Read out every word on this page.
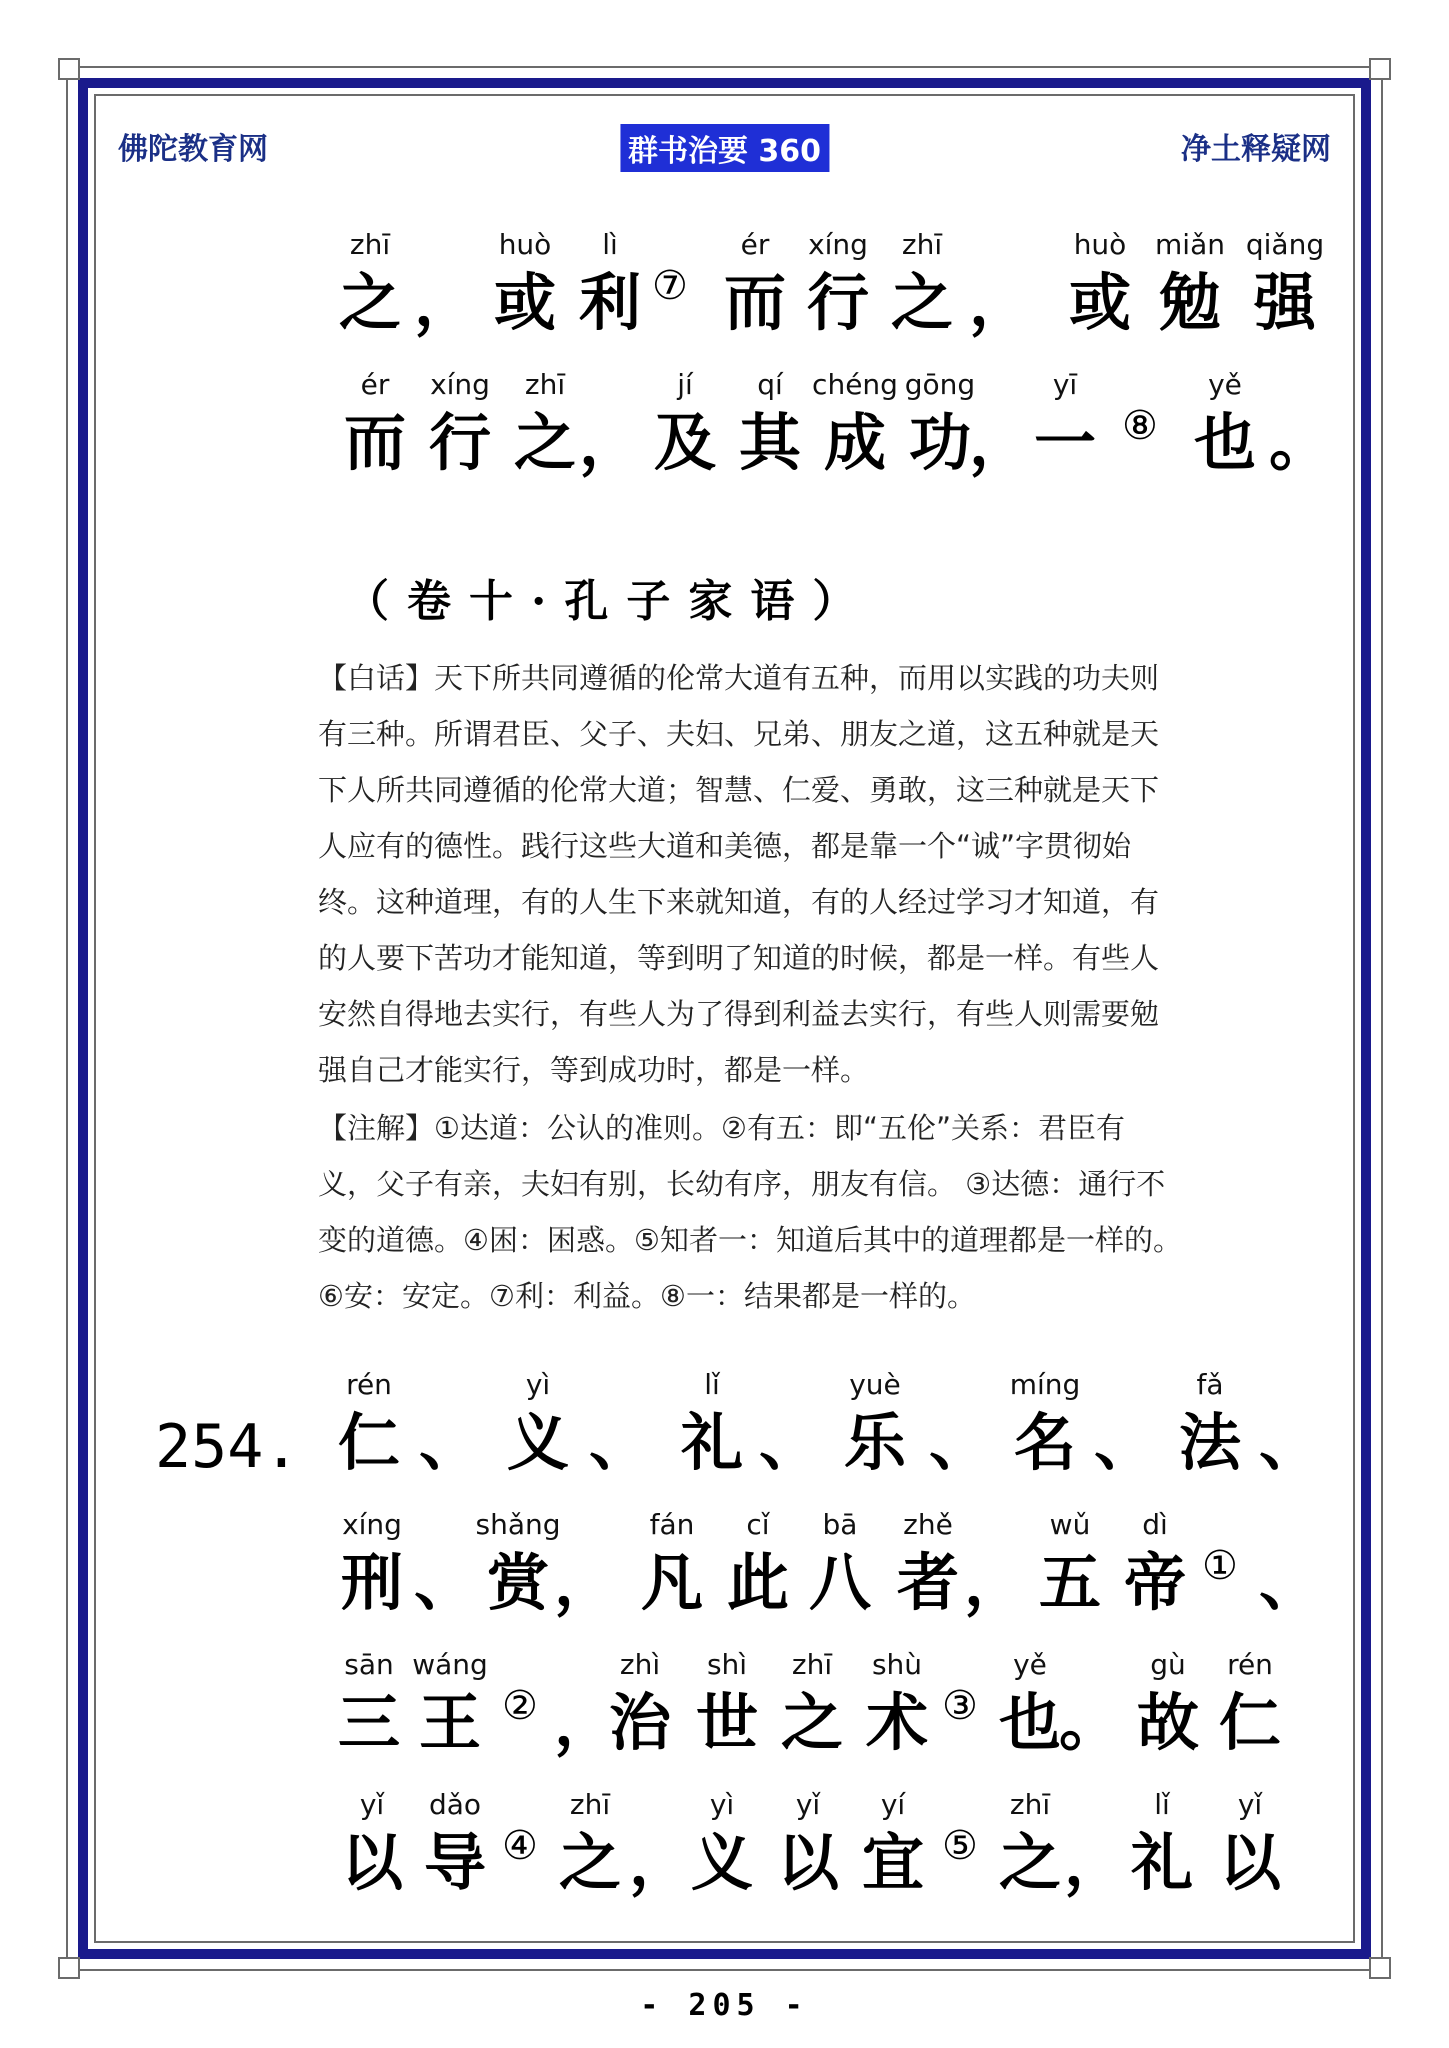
佛陀教育网	群书治要 360	净土释疑网
zhī	huò lì	ér xíng zhī	huò miǎn qiǎng
之 ， 或 利 ⑦ 而 行 之 ， 或 勉 强
ér xíng zhī	jí qí chéng gōng	yī	yě
而 行 之 ， 及 其 成 功
， 一 ⑧ 也 。
（卷十·孔子家语）
【白话】天下所共同遵循的伦常大道有五种，而用以实践的功夫则
有三种。所谓君臣、父子、夫妇、兄弟、朋友之道，这五种就是天
下人所共同遵循的伦常大道；智慧、仁爱、勇敢，这三种就是天下
人应有的德性。践行这些大道和美德，都是靠一个“诚”字贯彻始
终。这种道理，有的人生下来就知道，有的人经过学习才知道，有
的人要下苦功才能知道，等到明了知道的时候，都是一样。有些人
安然自得地去实行，有些人为了得到利益去实行，有些人则需要勉
强自己才能实行，等到成功时，都是一样。
【注解】①达道：公认的准则。②有五：即“五伦”关系：君臣有
义，父子有亲，夫妇有别，长幼有序，朋友有信。 ③达德：通行不
变的道德。④困：困惑。⑤知者一：知道后其中的道理都是一样的。
⑥安：安定。⑦利：利益。⑧一：结果都是一样的。
254.
rén	yì	lǐ	yuè	míng	fǎ
仁 、 义 、 礼 、 乐 、 名 、 法 、
xíng	shǎng	fán cǐ bā zhě	wǔ dì
刑 、 赏 ， 凡 此 八 者 ， 五 帝 ① 、
sān wáng	zhì shì zhī shù	yě	gù rén
三 王 ② ，
治 世 之 术 ③ 也
。 故 仁
yǐ dǎo	zhī	yì yǐ yí	zhī	lǐ yǐ
以 导 ④ 之 ， 义 以 宜 ⑤ 之 ， 礼 以
- 205 -
